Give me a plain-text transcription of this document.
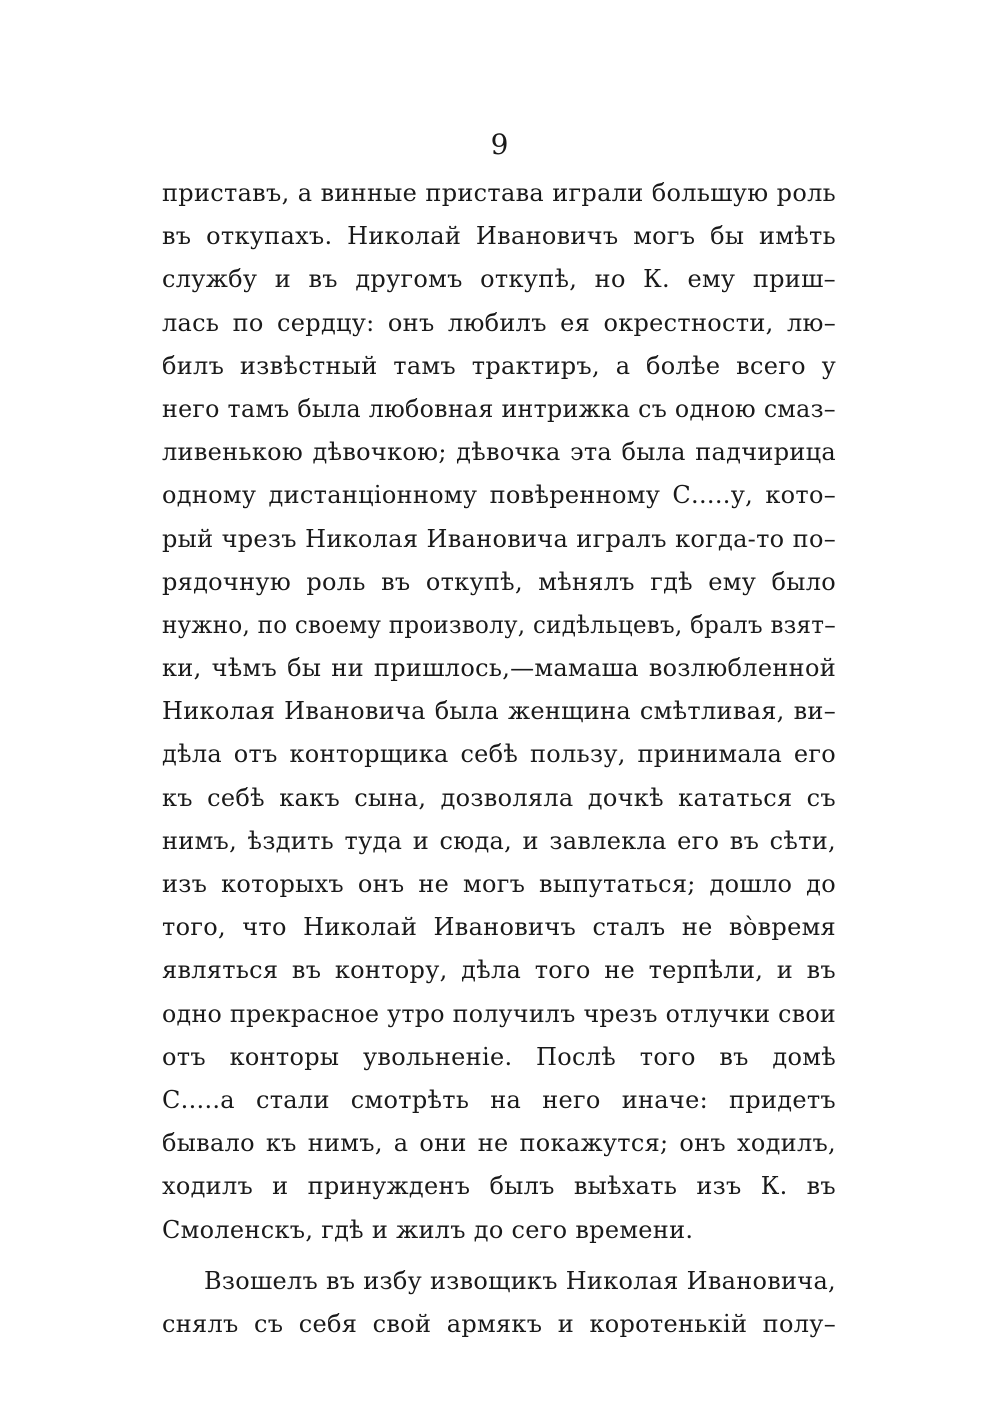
9
приставъ, а винные пристава играли большую роль
въ откупахъ. Николай Ивановичъ могъ бы имѣть
службу и въ другомъ откупѣ, но К. ему приш–
лась по сердцу: онъ любилъ ея окрестности, лю–
билъ извѣстный тамъ трактиръ, а болѣе всего у
него тамъ была любовная интрижка съ одною смаз–
ливенькою дѣвочкою; дѣвочка эта была падчирица
одному дистанціонному повѣренному С.....у, кото–
рый чрезъ Николая Ивановича игралъ когда-то по–
рядочную роль въ откупѣ, мѣнялъ гдѣ ему было
нужно, по своему произволу, сидѣльцевъ, бралъ взят–
ки, чѣмъ бы ни пришлось,—мамаша возлюбленной
Николая Ивановича была женщина смѣтливая, ви–
дѣла отъ конторщика себѣ пользу, принимала его
къ себѣ какъ сына, дозволяла дочкѣ кататься съ
нимъ, ѣздить туда и сюда, и завлекла его въ сѣти,
изъ которыхъ онъ не могъ выпутаться; дошло до
того, что Николай Ивановичъ сталъ не во̀время
являться въ контору, дѣла того не терпѣли, и въ
одно прекрасное утро получилъ чрезъ отлучки свои
отъ конторы увольненіе. Послѣ того въ домѣ
С.....а стали смотрѣть на него иначе: придетъ
бывало къ нимъ, а они не покажутся; онъ ходилъ,
ходилъ и принужденъ былъ выѣхать изъ К. въ
Смоленскъ, гдѣ и жилъ до сего времени.
Взошелъ въ избу извощикъ Николая Ивановича,
снялъ съ себя свой армякъ и коротенькій полу–
